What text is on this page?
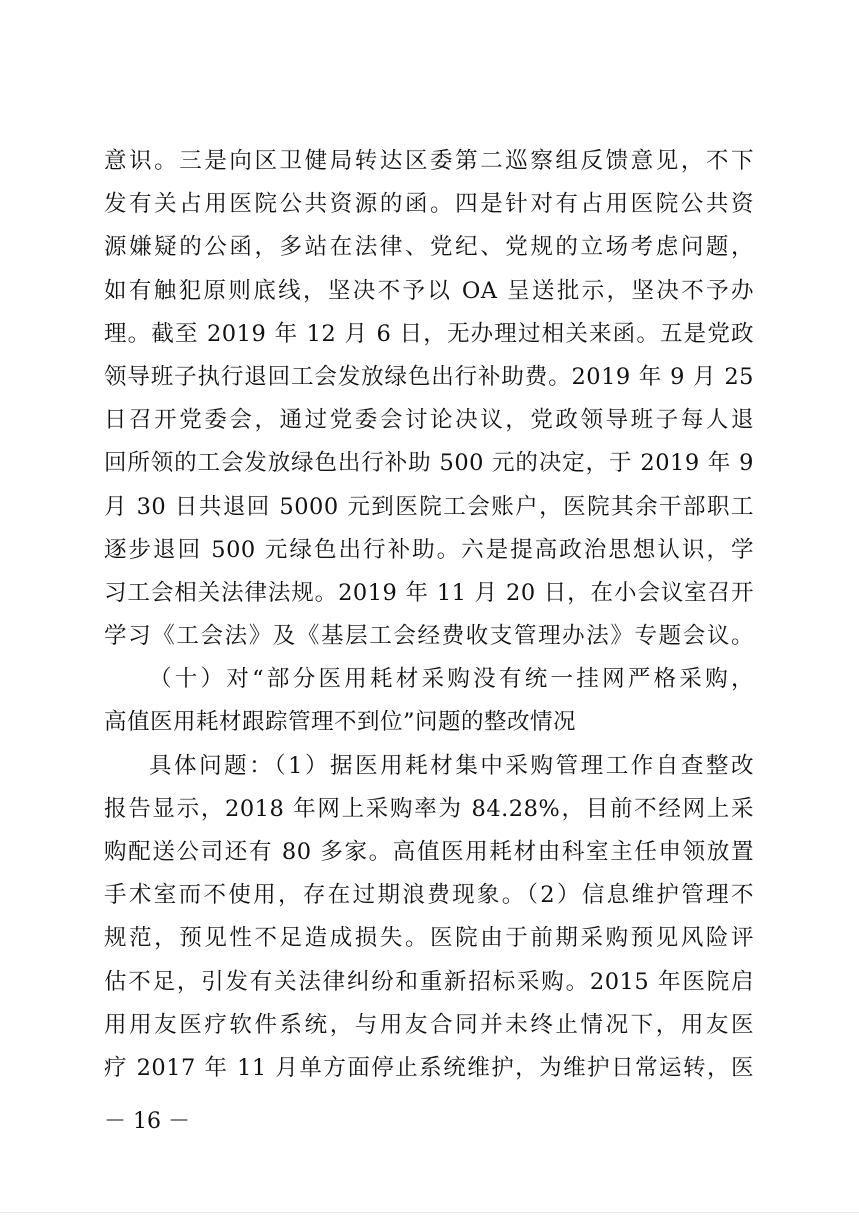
意识。三是向区卫健局转达区委第二巡察组反馈意见，不下
发有关占用医院公共资源的函。四是针对有占用医院公共资
源嫌疑的公函，多站在法律、党纪、党规的立场考虑问题，
如有触犯原则底线，坚决不予以 OA 呈送批示，坚决不予办
理。截至 2019 年 12 月 6 日，无办理过相关来函。五是党政
领导班子执行退回工会发放绿色出行补助费。2019 年 9 月 25
日召开党委会，通过党委会讨论决议，党政领导班子每人退
回所领的工会发放绿色出行补助 500 元的决定，于 2019 年 9
月 30 日共退回 5000 元到医院工会账户，医院其余干部职工
逐步退回 500 元绿色出行补助。六是提高政治思想认识，学
习工会相关法律法规。2019 年 11 月 20 日，在小会议室召开
学习《工会法》及《基层工会经费收支管理办法》专题会议。
（十）对“部分医用耗材采购没有统一挂网严格采购，
高值医用耗材跟踪管理不到位”问题的整改情况
具体问题：（1）据医用耗材集中采购管理工作自查整改
报告显示，2018 年网上采购率为 84.28%，目前不经网上采
购配送公司还有 80 多家。高值医用耗材由科室主任申领放置
手术室而不使用，存在过期浪费现象。（2）信息维护管理不
规范，预见性不足造成损失。医院由于前期采购预见风险评
估不足，引发有关法律纠纷和重新招标采购。2015 年医院启
用用友医疗软件系统，与用友合同并未终止情况下，用友医
疗 2017 年 11 月单方面停止系统维护，为维护日常运转，医
－ 16 －
